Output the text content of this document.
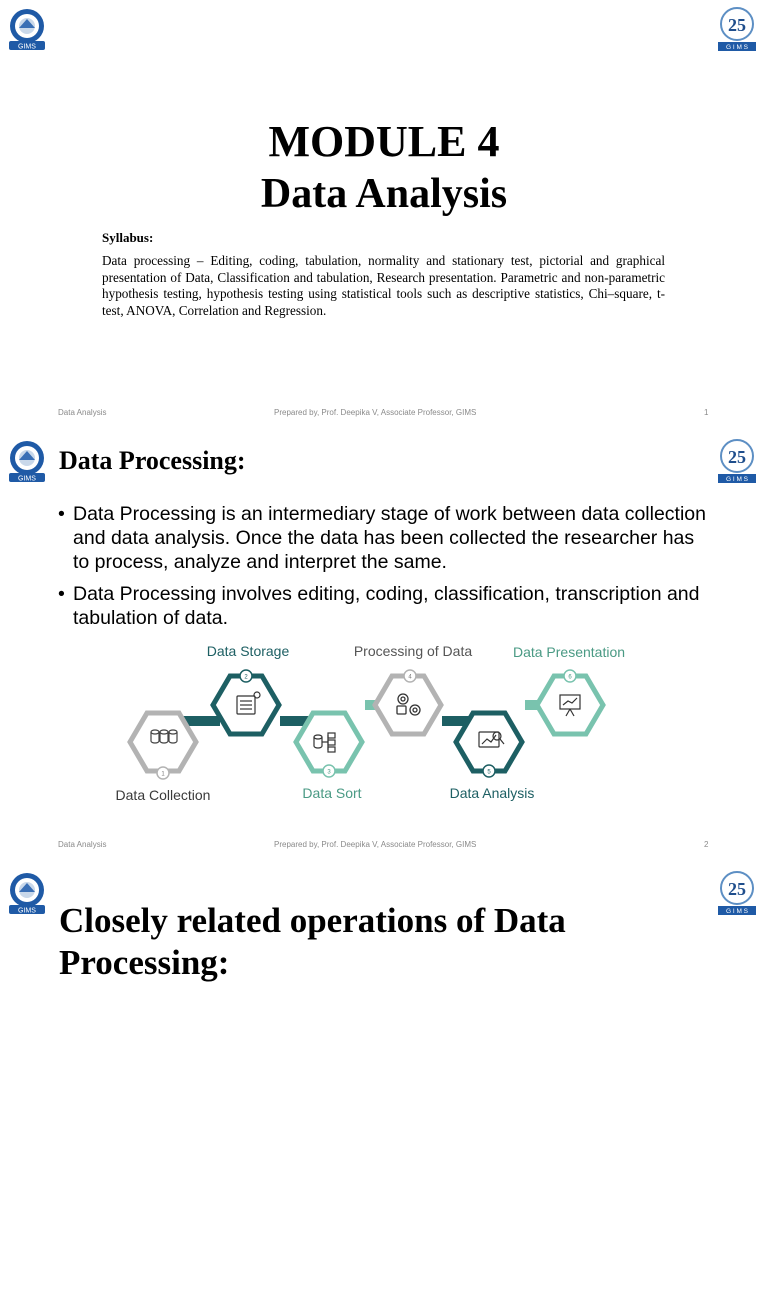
GIMS
25
G I M S
MODULE 4
Data Analysis
Syllabus:
Data processing – Editing, coding, tabulation, normality and stationary test, pictorial and graphical presentation of Data, Classification and tabulation, Research presentation. Parametric and non-parametric hypothesis testing, hypothesis testing using statistical tools such as descriptive statistics, Chi–square, t- test, ANOVA, Correlation and Regression.
Data Analysis	Prepared by, Prof. Deepika V, Associate Professor, GIMS	1
GIMS
25
G I M S
Data Processing:
• Data Processing is an intermediary stage of work between data collection and data analysis. Once the data has been collected the researcher has to process, analyze and interpret the same.
• Data Processing involves editing, coding, classification, transcription and tabulation of data.
1
Data Collection
2
Data Storage
3
Data Sort
4
Processing of Data
5
Data Analysis
6
Data Presentation
Data Analysis	Prepared by, Prof. Deepika V, Associate Professor, GIMS	2
GIMS
25
G I M S
Closely related operations of Data Processing:
